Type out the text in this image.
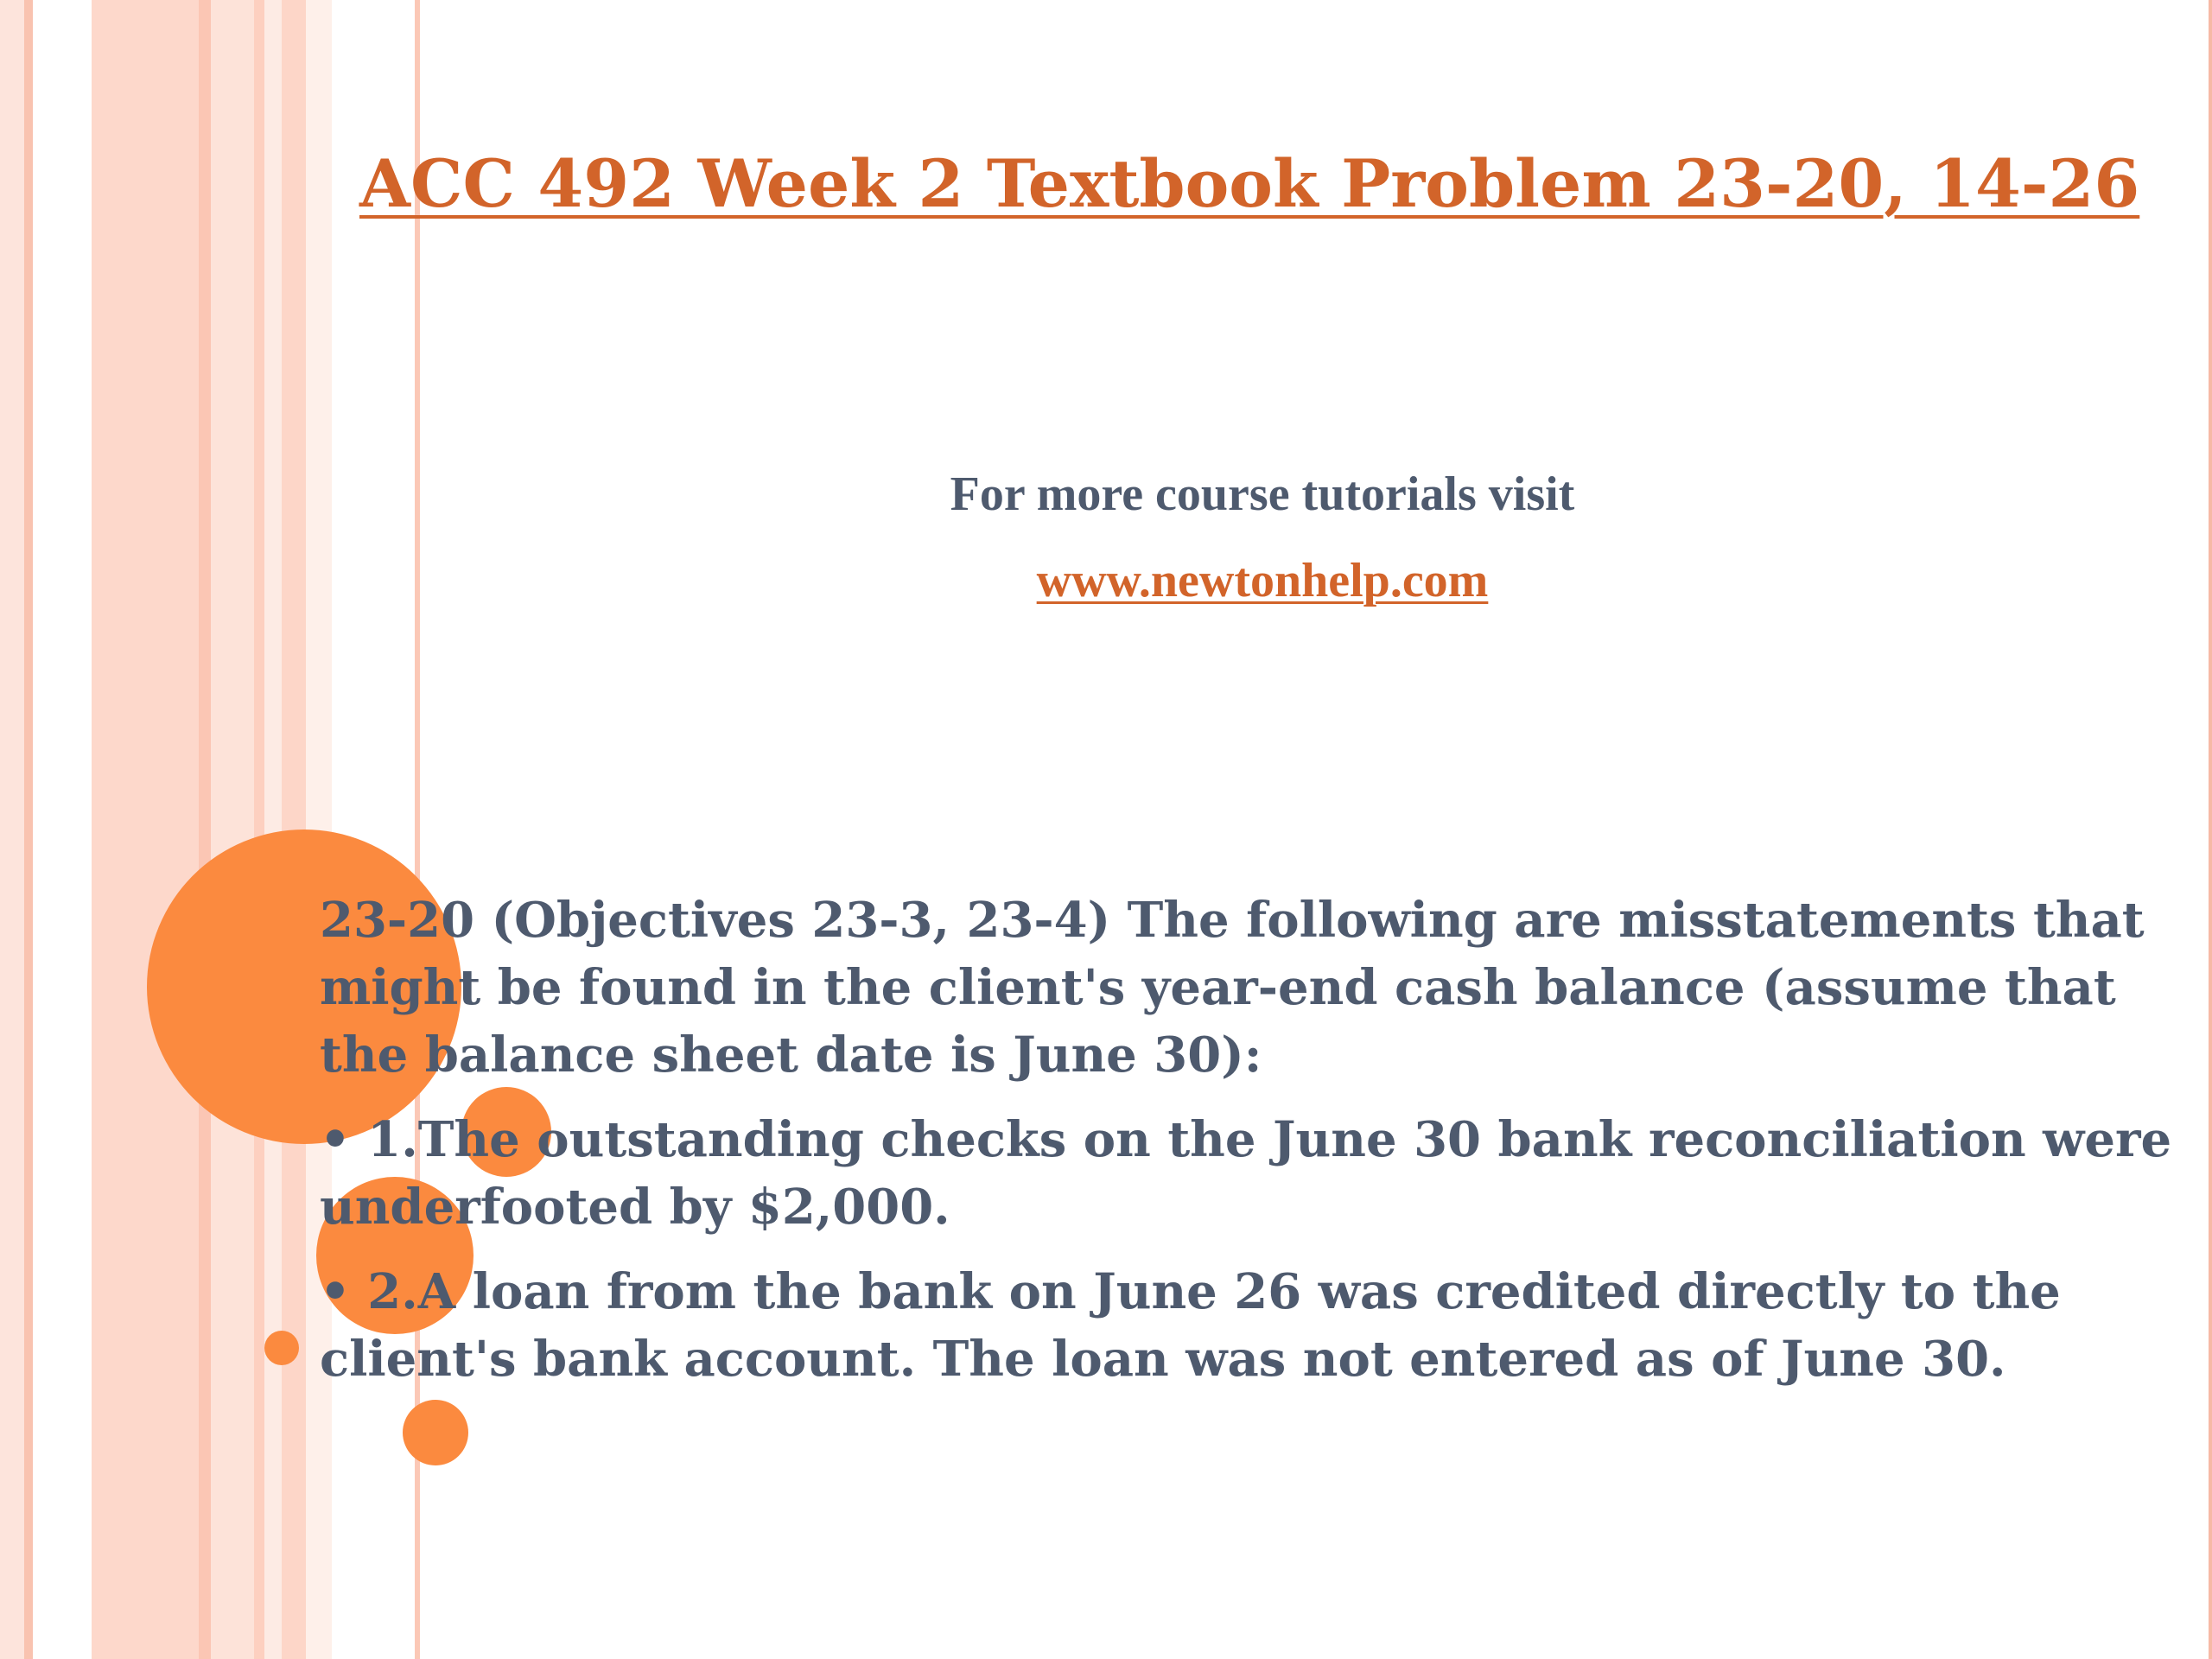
ACC 492 Week 2 Textbook Problem 23-20, 14-26

For more course tutorials visit

www.newtonhelp.com

23-20 (Objectives 23-3, 23-4) The following are misstatements that might be found in the client's year-end cash balance (assume that the balance sheet date is June 30):

• 1.The outstanding checks on the June 30 bank reconciliation were underfooted by $2,000.

• 2.A loan from the bank on June 26 was credited directly to the client's bank account. The loan was not entered as of June 30.
